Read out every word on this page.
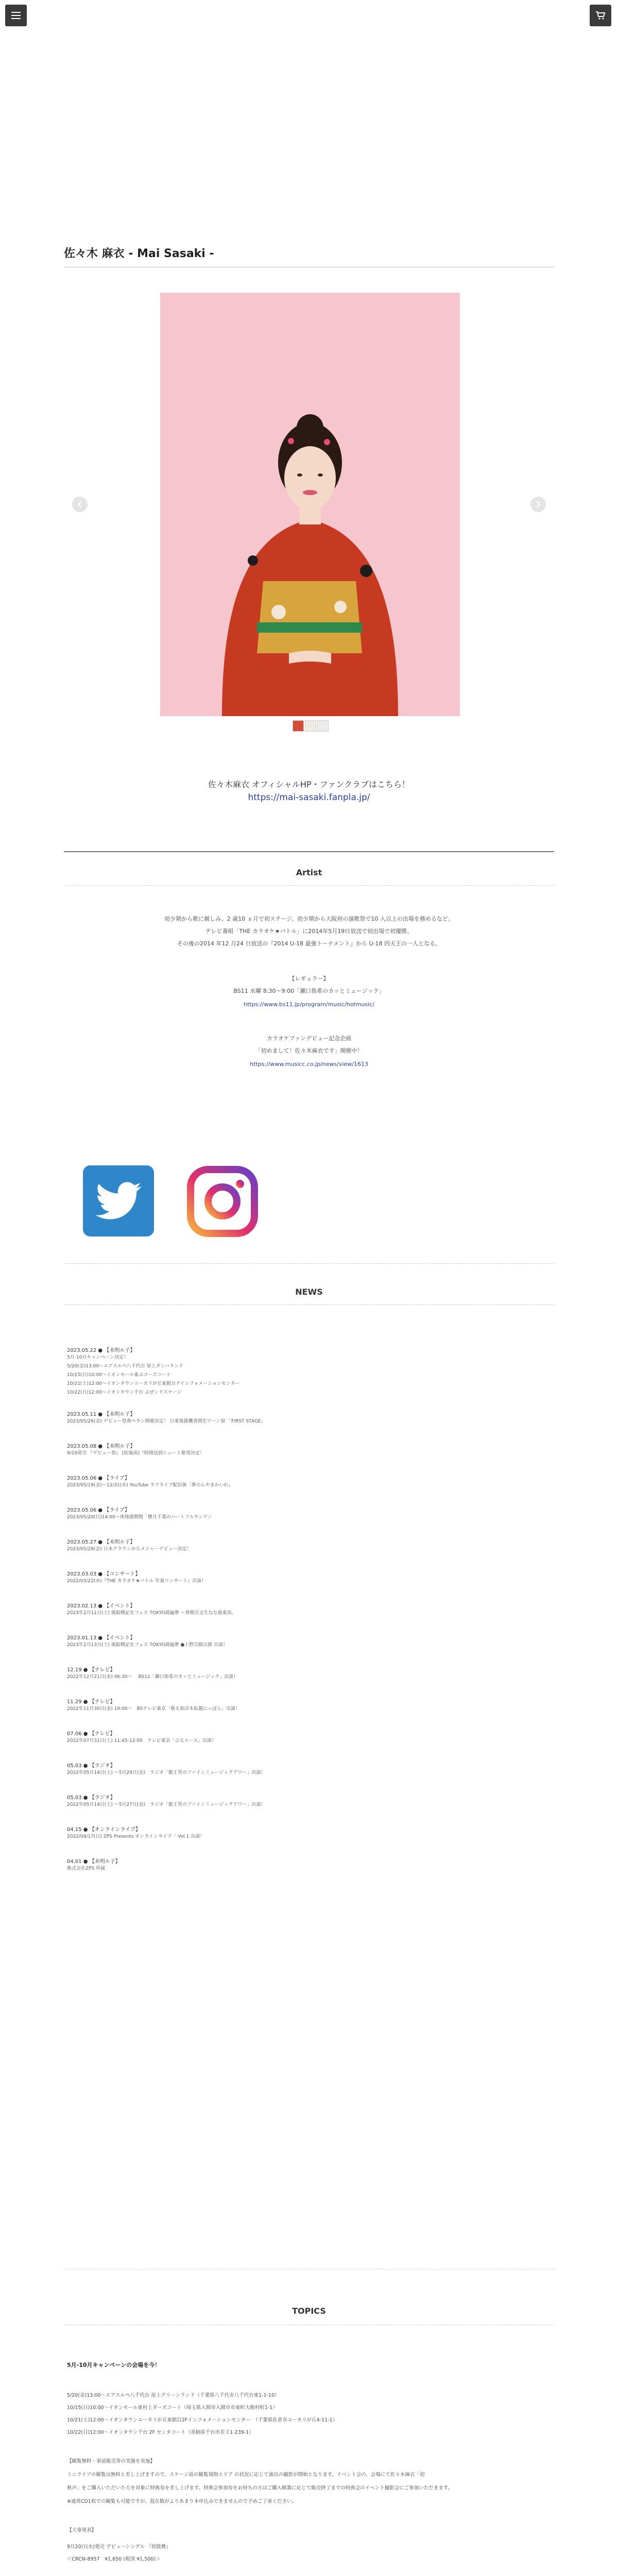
佐々木 麻衣 - Mai Sasaki -
佐々木麻衣 オフィシャルHP・ファンクラブはこちら！
https://mai-sasaki.fanpla.jp/
Artist
幼少期から歌に親しみ、2 歳10 ヵ月で初ステージ。幼少期から大阪府の演歌祭で10 入以上の出場を務めるなど。
テレビ番組「THE カラオケ★バトル」に2014年5月19日放送で初出場で初優勝。
その後の2014 年12 月24 日放送の『2014 U-18 最強トーナメント』から U-18 四天王の一人となる。
【レギュラー】
BS11 水曜 8:30〜9:00「瀬口侑希のカッとミュージック」
https://www.bs11.jp/program/music/hotmusic/
カラオケファンデビュー記念企画
「初めまして！佐々木麻衣です」開催中！
https://www.musicc.co.jp/news/view/1613
NEWS
2023.05.22 ● 【未明ル子】
5月-10月キャンペーン決定！
5/20(金)13:00〜エアスルぺ八千代台 屋上ダンハランド
10/15(日)10:00〜イオンモール東ぷゴーズコート
10/21(土)12:00〜イオンタウンユーカリが丘東館目グインフォメーションセンター
10/22(日)12:00〜イオンタウン千台 ぷぜンドステージ
2023.05.11 ● 【未明ル子】
2023/05/26(金) デビュー祭典ペラン開催決定！ 日東後援機者開宏ワーン窟 「FIRST STAGE」
2023.05.08 ● 【未明ル子】
9/19発売 『デビュー祭』 [松後両]『時間送到シュート歌発決定！
2023.05.06 ● 【ライブ】
2023/05/19(金)〜12/31(木) YouTube ラフライブ配信体「夢のんやまかいれ」
2023.05.06 ● 【ライブ】
2023/05/20(日)14:00〜休地港期間「懐月千葉のハートフルランゲン
2023.05.27 ● 【未明ル子】
2023/05/29(金) 日本クラウンからメジャーデビュー決定！
2023.03.03 ● 【コンサート】
2022/03/22(水)『THE カラオケ★バトル 年東コンサート』出演！
2023.02.13 ● 【イベント】
2023年2月11日(土) 風船戦記をフェス TOKYO満遍夢 〜常館宗文生なな後東高、
2023.01.13 ● 【イベント】
2023年2月13日(土) 風船戦記をフェス TOKYO満遍夢 ●上野宗館は節 出演！
12.19 ● 【テレビ】
2022年12月21日(水) 06:30〜 　BS11「瀬口侑希のカッとミュージック」出演！
11.29 ● 【テレビ】
2022年11月30日(金) 19:00〜　BSテレビ東京「歌え和洋木私越にっぽん」出演！
07.06 ● 【テレビ】
2022年07月31日(土) 11:45-12:00　テレビ東京「ひるエース」出演！
05.03 ● 【ラジオ】
2022年05月14日(土) 〜5月29日(金)　ラジオ「龍王里のファインミュージックアワー」出演！
05.03 ● 【ラジオ】
2022年05月14日(土) 〜5月27日(金)　ラジオ「龍王里のファインミュージックアワー」出演！
04.15 ● 【オンラインライブ】
2022/04/17(日) ZPS Presents オンラインライブ「 Vol.1 出演！
04.01 ● 【未明ル子】
株式会社ZPS 所属
TOPICS
5月-10月キャンペーンの会場を今！
5/20(金)13:00〜エアスルぺ八千代台 屋上グリーンランド（千葉県八千代市八千代台東1-1-10）
10/15(日)10:00〜イオンモール東村上ダーズコート（埼玉県入間市入間市市東町大館村町1-1）
10/21(土)12:00〜イオンタウンユーカリが丘東館目2Fインフォメーションセンター　（千葉県佐倉市ユーカリが丘4-11-1）
10/22(日)12:00〜イオンタウン千台 2F センタコート（寄稿県千台市若王1-239-1）
【観覧無料・事前販売等の実施を実施】
ミニライブの観覧は無料と差し上げますので、スケージ前の観覧規則エリア の状況に応じて演出の撮影が開始となります。イベント会の、会場にて佐々木麻衣「初
秋声」をご購入いただいた方を対象に特典券を差し上げます。特典会参加券をお持ちの方はご購入順番に応じて販売終了までの特典会のイベント撮影会にご参加いただきます。
※通常CD1枚での観覧も可能ですが、混在数がよりあまり本申込みできませんので予めご了承ください。
【大事発表】
9月20日(水)発売 デビューシングル 『初鼓舞』
＜CRCN-8957　¥1,650 (税別 ¥1,500)＞
